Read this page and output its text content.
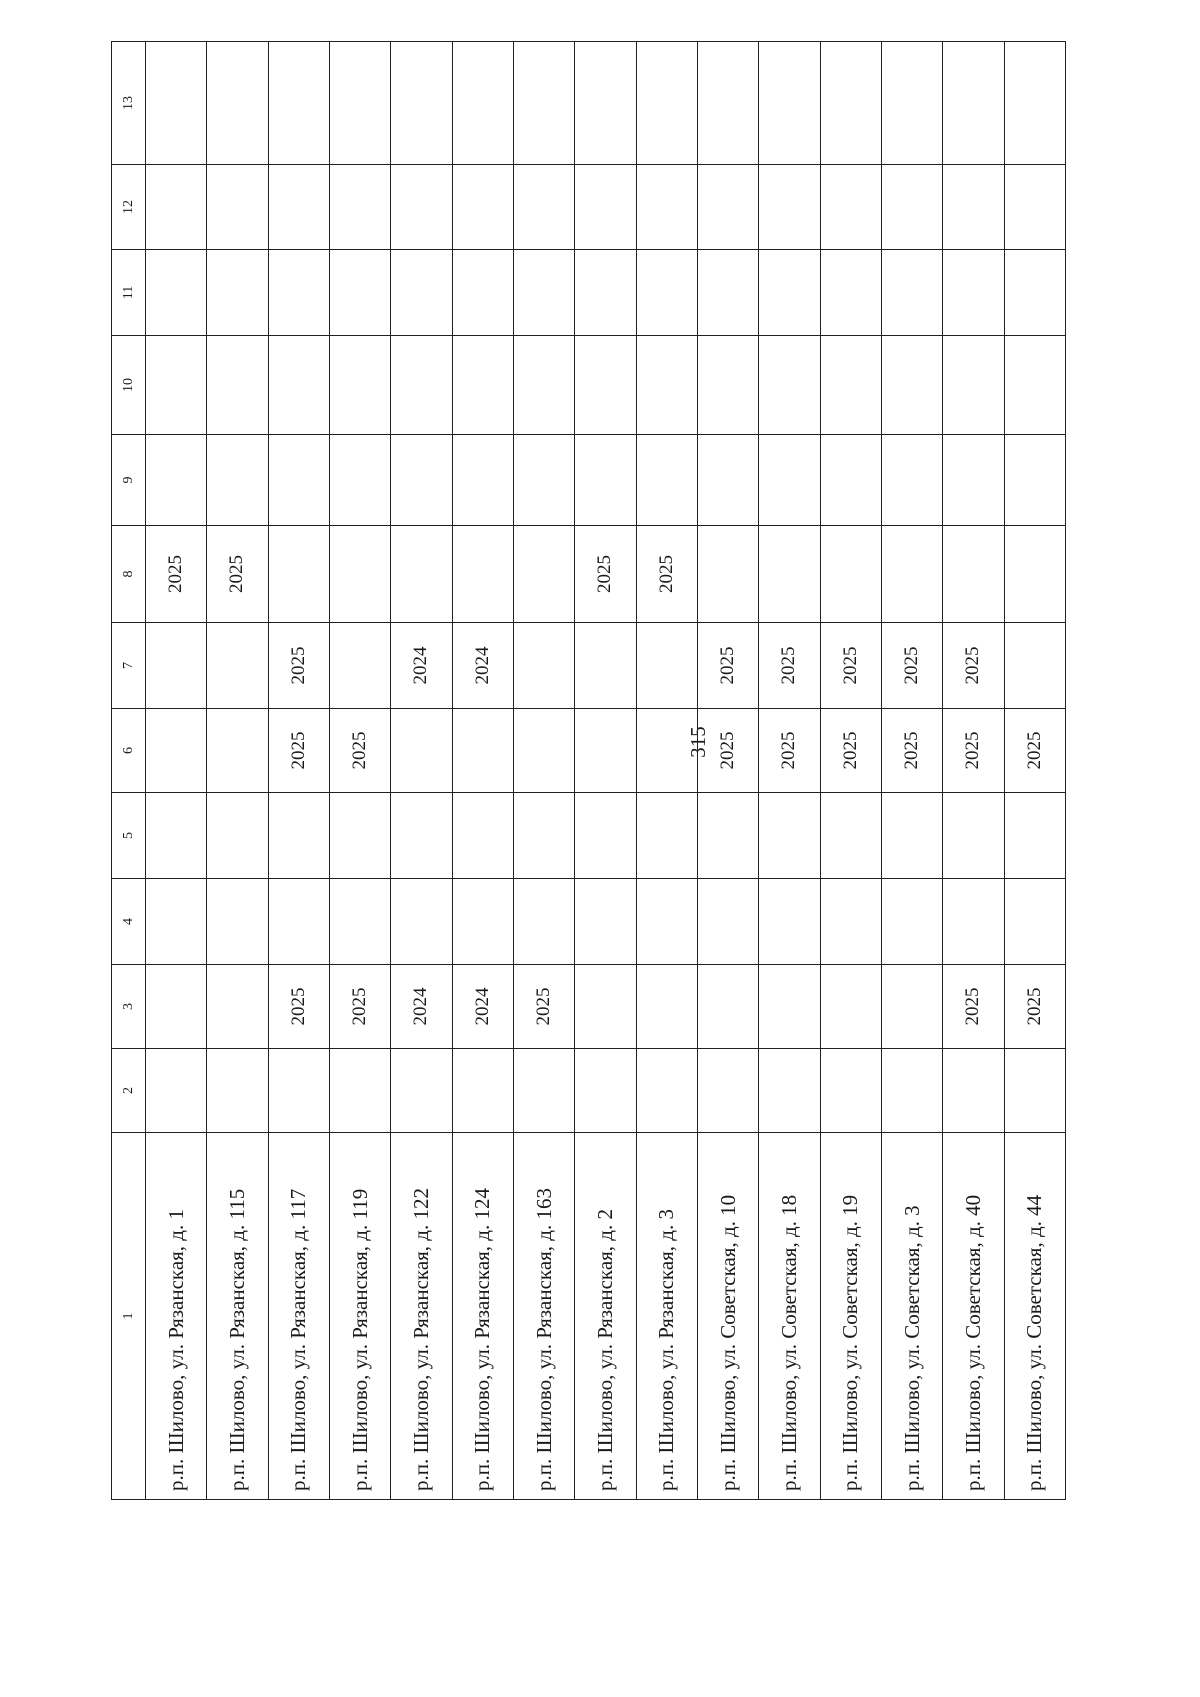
315
1	2	3	4	5	6	7	8	9	10	11	12	13

р.п. Шилово, ул. Рязанская, д. 1							2025					

р.п. Шилово, ул. Рязанская, д. 115							2025					

р.п. Шилово, ул. Рязанская, д. 117		2025			2025	2025						

р.п. Шилово, ул. Рязанская, д. 119		2025			2025							

р.п. Шилово, ул. Рязанская, д. 122		2024				2024						

р.п. Шилово, ул. Рязанская, д. 124		2024				2024						

р.п. Шилово, ул. Рязанская, д. 163		2025										

р.п. Шилово, ул. Рязанская, д. 2							2025					

р.п. Шилово, ул. Рязанская, д. 3							2025					

р.п. Шилово, ул. Советская, д. 10					2025	2025						

р.п. Шилово, ул. Советская, д. 18					2025	2025						

р.п. Шилово, ул. Советская, д. 19					2025	2025						

р.п. Шилово, ул. Советская, д. 3					2025	2025						

р.п. Шилово, ул. Советская, д. 40		2025			2025	2025						

р.п. Шилово, ул. Советская, д. 44		2025			2025							
